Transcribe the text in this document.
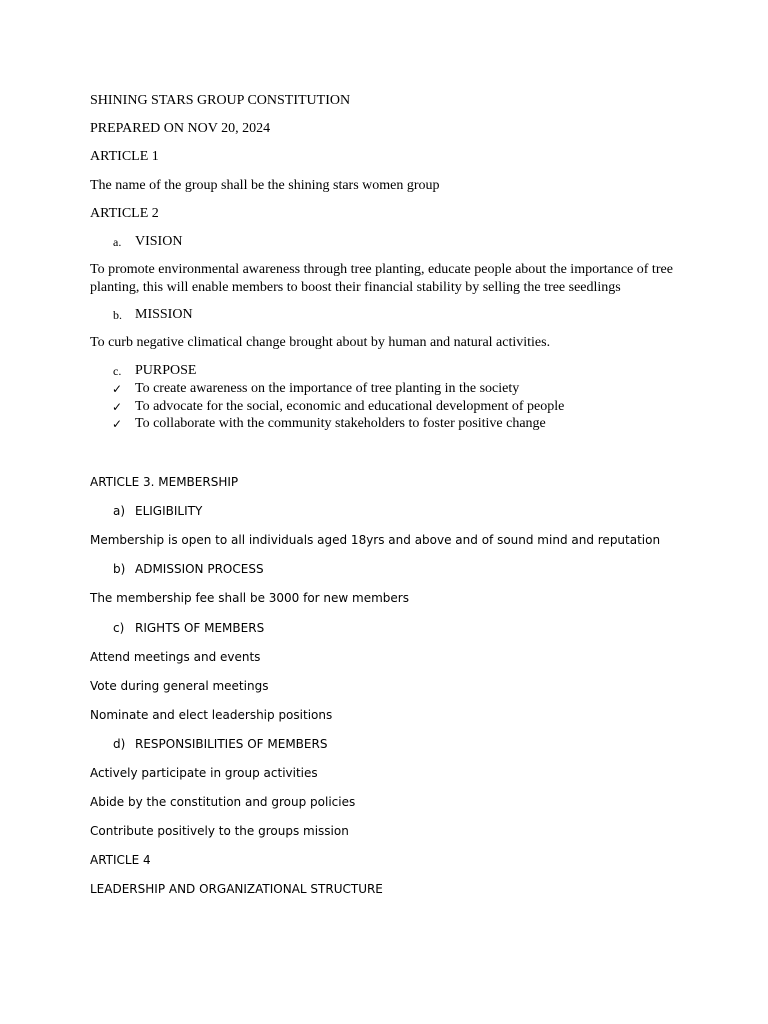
SHINING STARS GROUP CONSTITUTION

PREPARED ON NOV 20, 2024

ARTICLE 1

The name of the group shall be the shining stars women group

ARTICLE 2

a. VISION

To promote environmental awareness through tree planting, educate people about the importance of tree planting, this will enable members to boost their financial stability by selling the tree seedlings

b. MISSION

To curb negative climatical change brought about by human and natural activities.

c. PURPOSE
✓ To create awareness on the importance of tree planting in the society
✓ To advocate for the social, economic and educational development of people
✓ To collaborate with the community stakeholders to foster positive change

ARTICLE 3. MEMBERSHIP

a) ELIGIBILITY

Membership is open to all individuals aged 18yrs and above and of sound mind and reputation

b) ADMISSION PROCESS

The membership fee shall be 3000 for new members

c) RIGHTS OF MEMBERS

Attend meetings and events

Vote during general meetings

Nominate and elect leadership positions

d) RESPONSIBILITIES OF MEMBERS

Actively participate in group activities

Abide by the constitution and group policies

Contribute positively to the groups mission

ARTICLE 4

LEADERSHIP AND ORGANIZATIONAL STRUCTURE
